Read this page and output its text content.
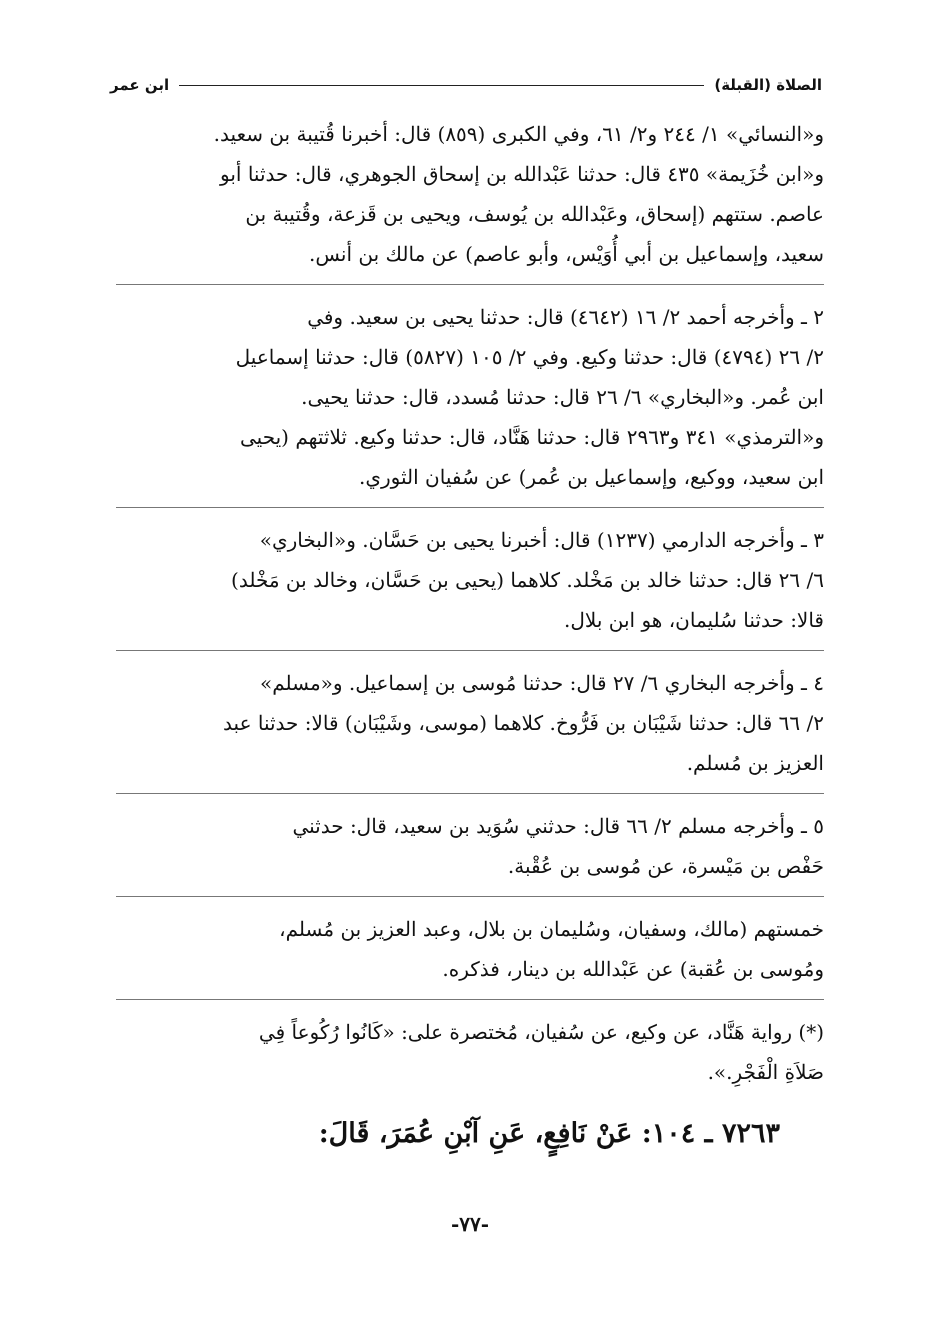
الصلاة (القبلة)
ابن عمر

و«النسائي» ١/ ٢٤٤ و٢/ ٦١، وفي الكبرى (٨٥٩) قال: أخبرنا قُتيبة بن سعيد.

و«ابن خُزَيمة» ٤٣٥ قال: حدثنا عَبْدالله بن إسحاق الجوهري، قال: حدثنا أبو

عاصم. ستتهم (إسحاق، وعَبْدالله بن يُوسف، ويحيى بن قَزعة، وقُتيبة بن

سعيد، وإسماعيل بن أبي أُوَيْس، وأبو عاصم) عن مالك بن أنس.

٢ ـ وأخرجه أحمد ٢/ ١٦ (٤٦٤٢) قال: حدثنا يحيى بن سعيد. وفي

٢/ ٢٦ (٤٧٩٤) قال: حدثنا وكيع. وفي ٢/ ١٠٥ (٥٨٢٧) قال: حدثنا إسماعيل

ابن عُمر. و«البخاري» ٦/ ٢٦ قال: حدثنا مُسدد، قال: حدثنا يحيى.

و«الترمذي» ٣٤١ و٢٩٦٣ قال: حدثنا هَنَّاد، قال: حدثنا وكيع. ثلاثتهم (يحيى

ابن سعيد، ووكيع، وإسماعيل بن عُمر) عن سُفيان الثوري.

٣ ـ وأخرجه الدارمي (١٢٣٧) قال: أخبرنا يحيى بن حَسَّان. و«البخاري»

٦/ ٢٦ قال: حدثنا خالد بن مَخْلد. كلاهما (يحيى بن حَسَّان، وخالد بن مَخْلد)

قالا: حدثنا سُليمان، هو ابن بلال.

٤ ـ وأخرجه البخاري ٦/ ٢٧ قال: حدثنا مُوسى بن إسماعيل. و«مسلم»

٢/ ٦٦ قال: حدثنا شَيْبَان بن فَرُّوخ. كلاهما (موسى، وشَيْبَان) قالا: حدثنا عبد

العزيز بن مُسلم.

٥ ـ وأخرجه مسلم ٢/ ٦٦ قال: حدثني سُوَيد بن سعيد، قال: حدثني

حَفْص بن مَيْسرة، عن مُوسى بن عُقْبة.

خمستهم (مالك، وسفيان، وسُليمان بن بلال، وعبد العزيز بن مُسلم،

ومُوسى بن عُقبة) عن عَبْدالله بن دينار، فذكره.

(*) رواية هَنَّاد، عن وكيع، عن سُفيان، مُختصرة على: «كَانُوا رُكُوعاً فِي

صَلاَةِ الْفَجْرِ.».

٧٢٦٣ ـ ١٠٤: عَنْ نَافِعٍ، عَنِ آبْنِ عُمَرَ، قَالَ:
-٧٧-
